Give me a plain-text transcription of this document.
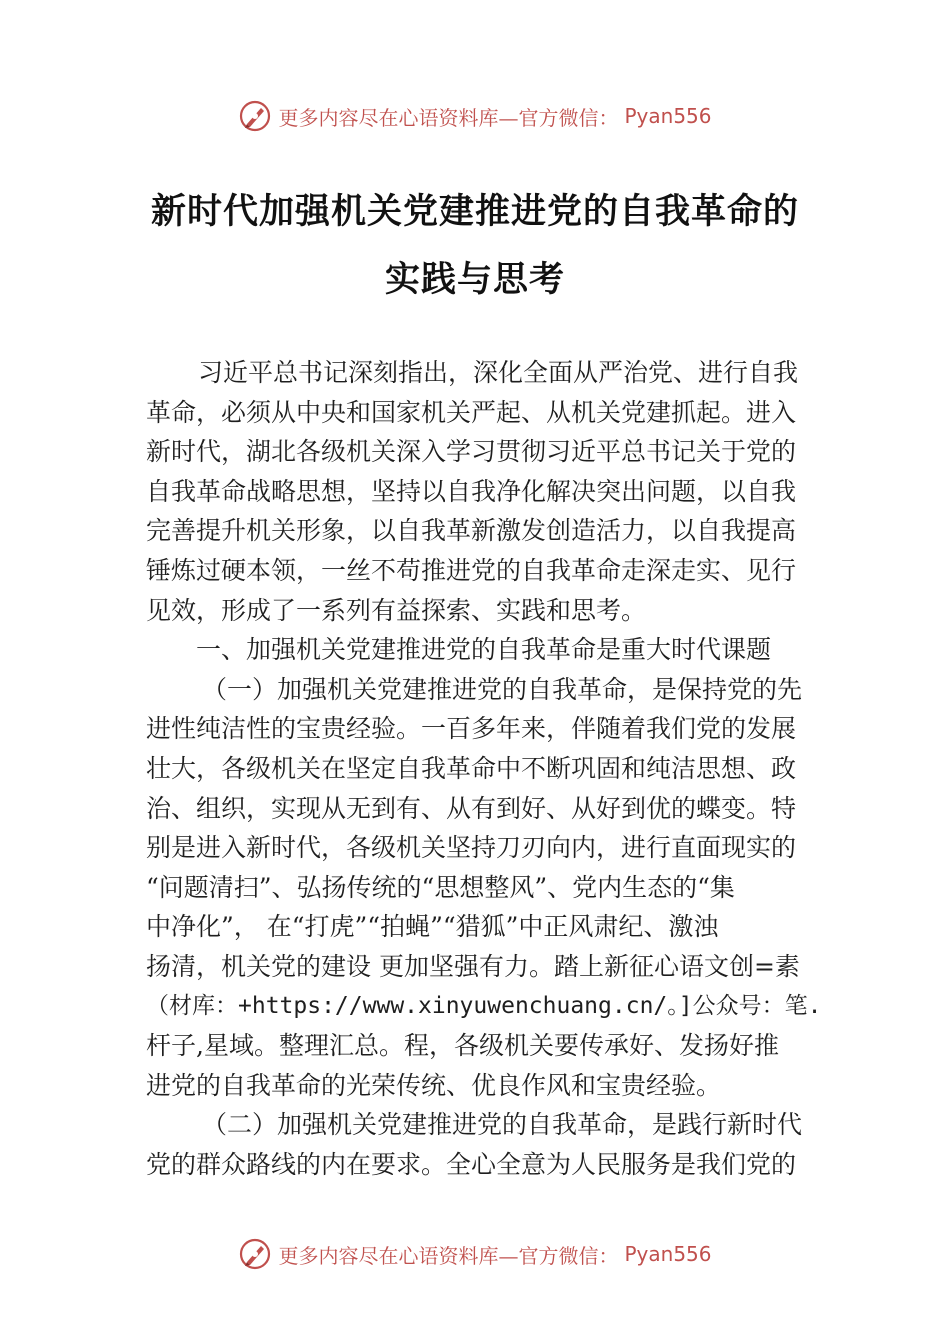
更多内容尽在心语资料库—官方微信： Pyan556
新时代加强机关党建推进党的自我革命的
实践与思考
习近平总书记深刻指出，深化全面从严治党、进行自我
革命，必须从中央和国家机关严起、从机关党建抓起。进入
新时代，湖北各级机关深入学习贯彻习近平总书记关于党的
自我革命战略思想，坚持以自我净化解决突出问题，以自我
完善提升机关形象，以自我革新激发创造活力，以自我提高
锤炼过硬本领，一丝不苟推进党的自我革命走深走实、见行
见效，形成了一系列有益探索、实践和思考。
一、加强机关党建推进党的自我革命是重大时代课题
（一）加强机关党建推进党的自我革命，是保持党的先
进性纯洁性的宝贵经验。一百多年来，伴随着我们党的发展
壮大，各级机关在坚定自我革命中不断巩固和纯洁思想、政
治、组织，实现从无到有、从有到好、从好到优的蝶变。特
别是进入新时代，各级机关坚持刀刃向内，进行直面现实的
“问题清扫”、弘扬传统的“思想整风”、党内生态的“集
中净化”， 在“打虎”“拍蝇”“猎狐”中正风肃纪、激浊
扬清，机关党的建设 更加坚强有力。踏上新征心语文创=素
（材库：+https://www.xinyuwenchuang.cn/。]公众号：笔.
杆子,星域。整理汇总。程，各级机关要传承好、发扬好推
进党的自我革命的光荣传统、优良作风和宝贵经验。
（二）加强机关党建推进党的自我革命，是践行新时代
党的群众路线的内在要求。全心全意为人民服务是我们党的
更多内容尽在心语资料库—官方微信： Pyan556
